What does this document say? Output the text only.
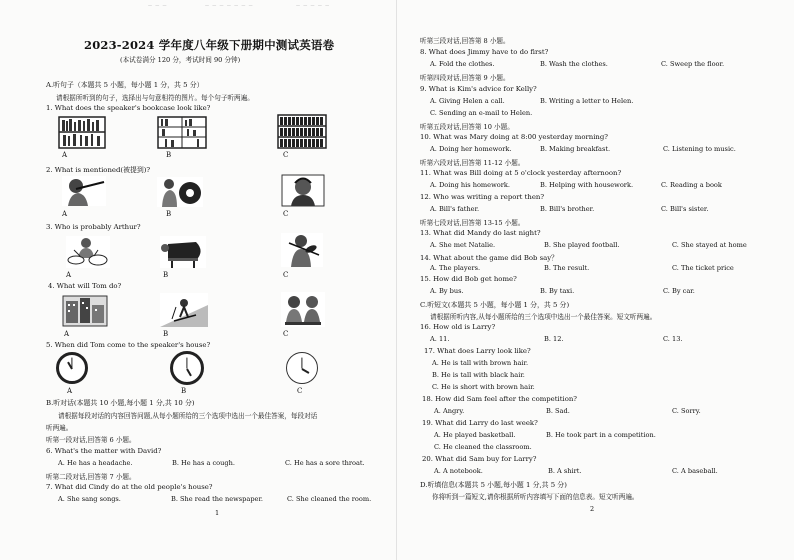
— — —	— — — — — — —	— — — — —
2023-2024 学年度八年级下册期中测试英语卷
(本试卷满分 120 分，考试时间 90 分钟)
A.听句子（本题共 5 小题，每小题 1 分，共 5 分）
请根据所听到的句子，选择出与句意相符的图片。每个句子听两遍。
1. What does the speaker's bookcase look like?
A	B	C
2. What is mentioned(被提到)?
A	B	C
3. Who is probably Arthur?
A	B	C
4. What will Tom do?
A	B	C
5. When did Tom come to the speaker's house?
A	B	C
B.听对话(本题共 10 小题,每小题 1 分,共 10 分)
请根据每段对话的内容回答问题,从每小题所给的三个选项中选出一个最佳答案，每段对话
听两遍。
听第一段对话,回答第 6 小题。
6. What's the matter with David?
A. He has a headache.	B. He has a cough.	C. He has a sore throat.
听第二段对话,回答第 7 小题。
7. What did Cindy do at the old people's house?
A. She sang songs.	B. She read the newspaper.	C. She cleaned the room.
1
听第三段对话,回答第 8 小题。
8. What does Jimmy have to do first?
A. Fold the clothes.	B. Wash the clothes.	C. Sweep the floor.
听第四段对话,回答第 9 小题。
9. What is Kim's advice for Kelly?
A. Giving Helen a call.	B. Writing a letter to Helen.
C. Sending an e-mail to Helen.
听第五段对话,回答第 10 小题。
10. What was Mary doing at 8:00 yesterday morning?
A. Doing her homework.	B. Making breakfast.	C. Listening to music.
听第六段对话,回答第 11-12 小题。
11. What was Bill doing at 5 o'clock yesterday afternoon?
A. Doing his homework.	B. Helping with housework.	C. Reading a book
12. Who was writing a report then?
A. Bill's father.	B. Bill's brother.	C. Bill's sister.
听第七段对话,回答第 13-15 小题。
13. What did Mandy do last night?
A. She met Natalie.	B. She played football.	C. She stayed at home
14. What about the game did Bob say？
A. The players.	B. The result.	C. The ticket price
15. How did Bob get home?
A. By bus.	B. By taxi.	C. By car.
C.听短文(本题共 5 小题，每小题 1 分，共 5 分)
请根据所听内容,从每小题所给的三个选项中选出一个最佳答案。短文听两遍。
16. How old is Larry?
A. 11.	B. 12.	C. 13.
17. What does Larry look like?
A. He is tall with brown hair.
B. He is tall with black hair.
C. He is short with brown hair.
18. How did Sam feel after the competition?
A. Angry.	B. Sad.	C. Sorry.
19. What did Larry do last week?
A. He played basketball.	B. He took part in a competition.
C. He cleaned the classroom.
20. What did Sam buy for Larry?
A. A notebook.	B. A shirt.	C. A baseball.
D.听填信息(本题共 5 小题,每小题 1 分,共 5 分)
你将听到一篇短文,请你根据所听内容填写下面的信息表。短文听两遍。
2
